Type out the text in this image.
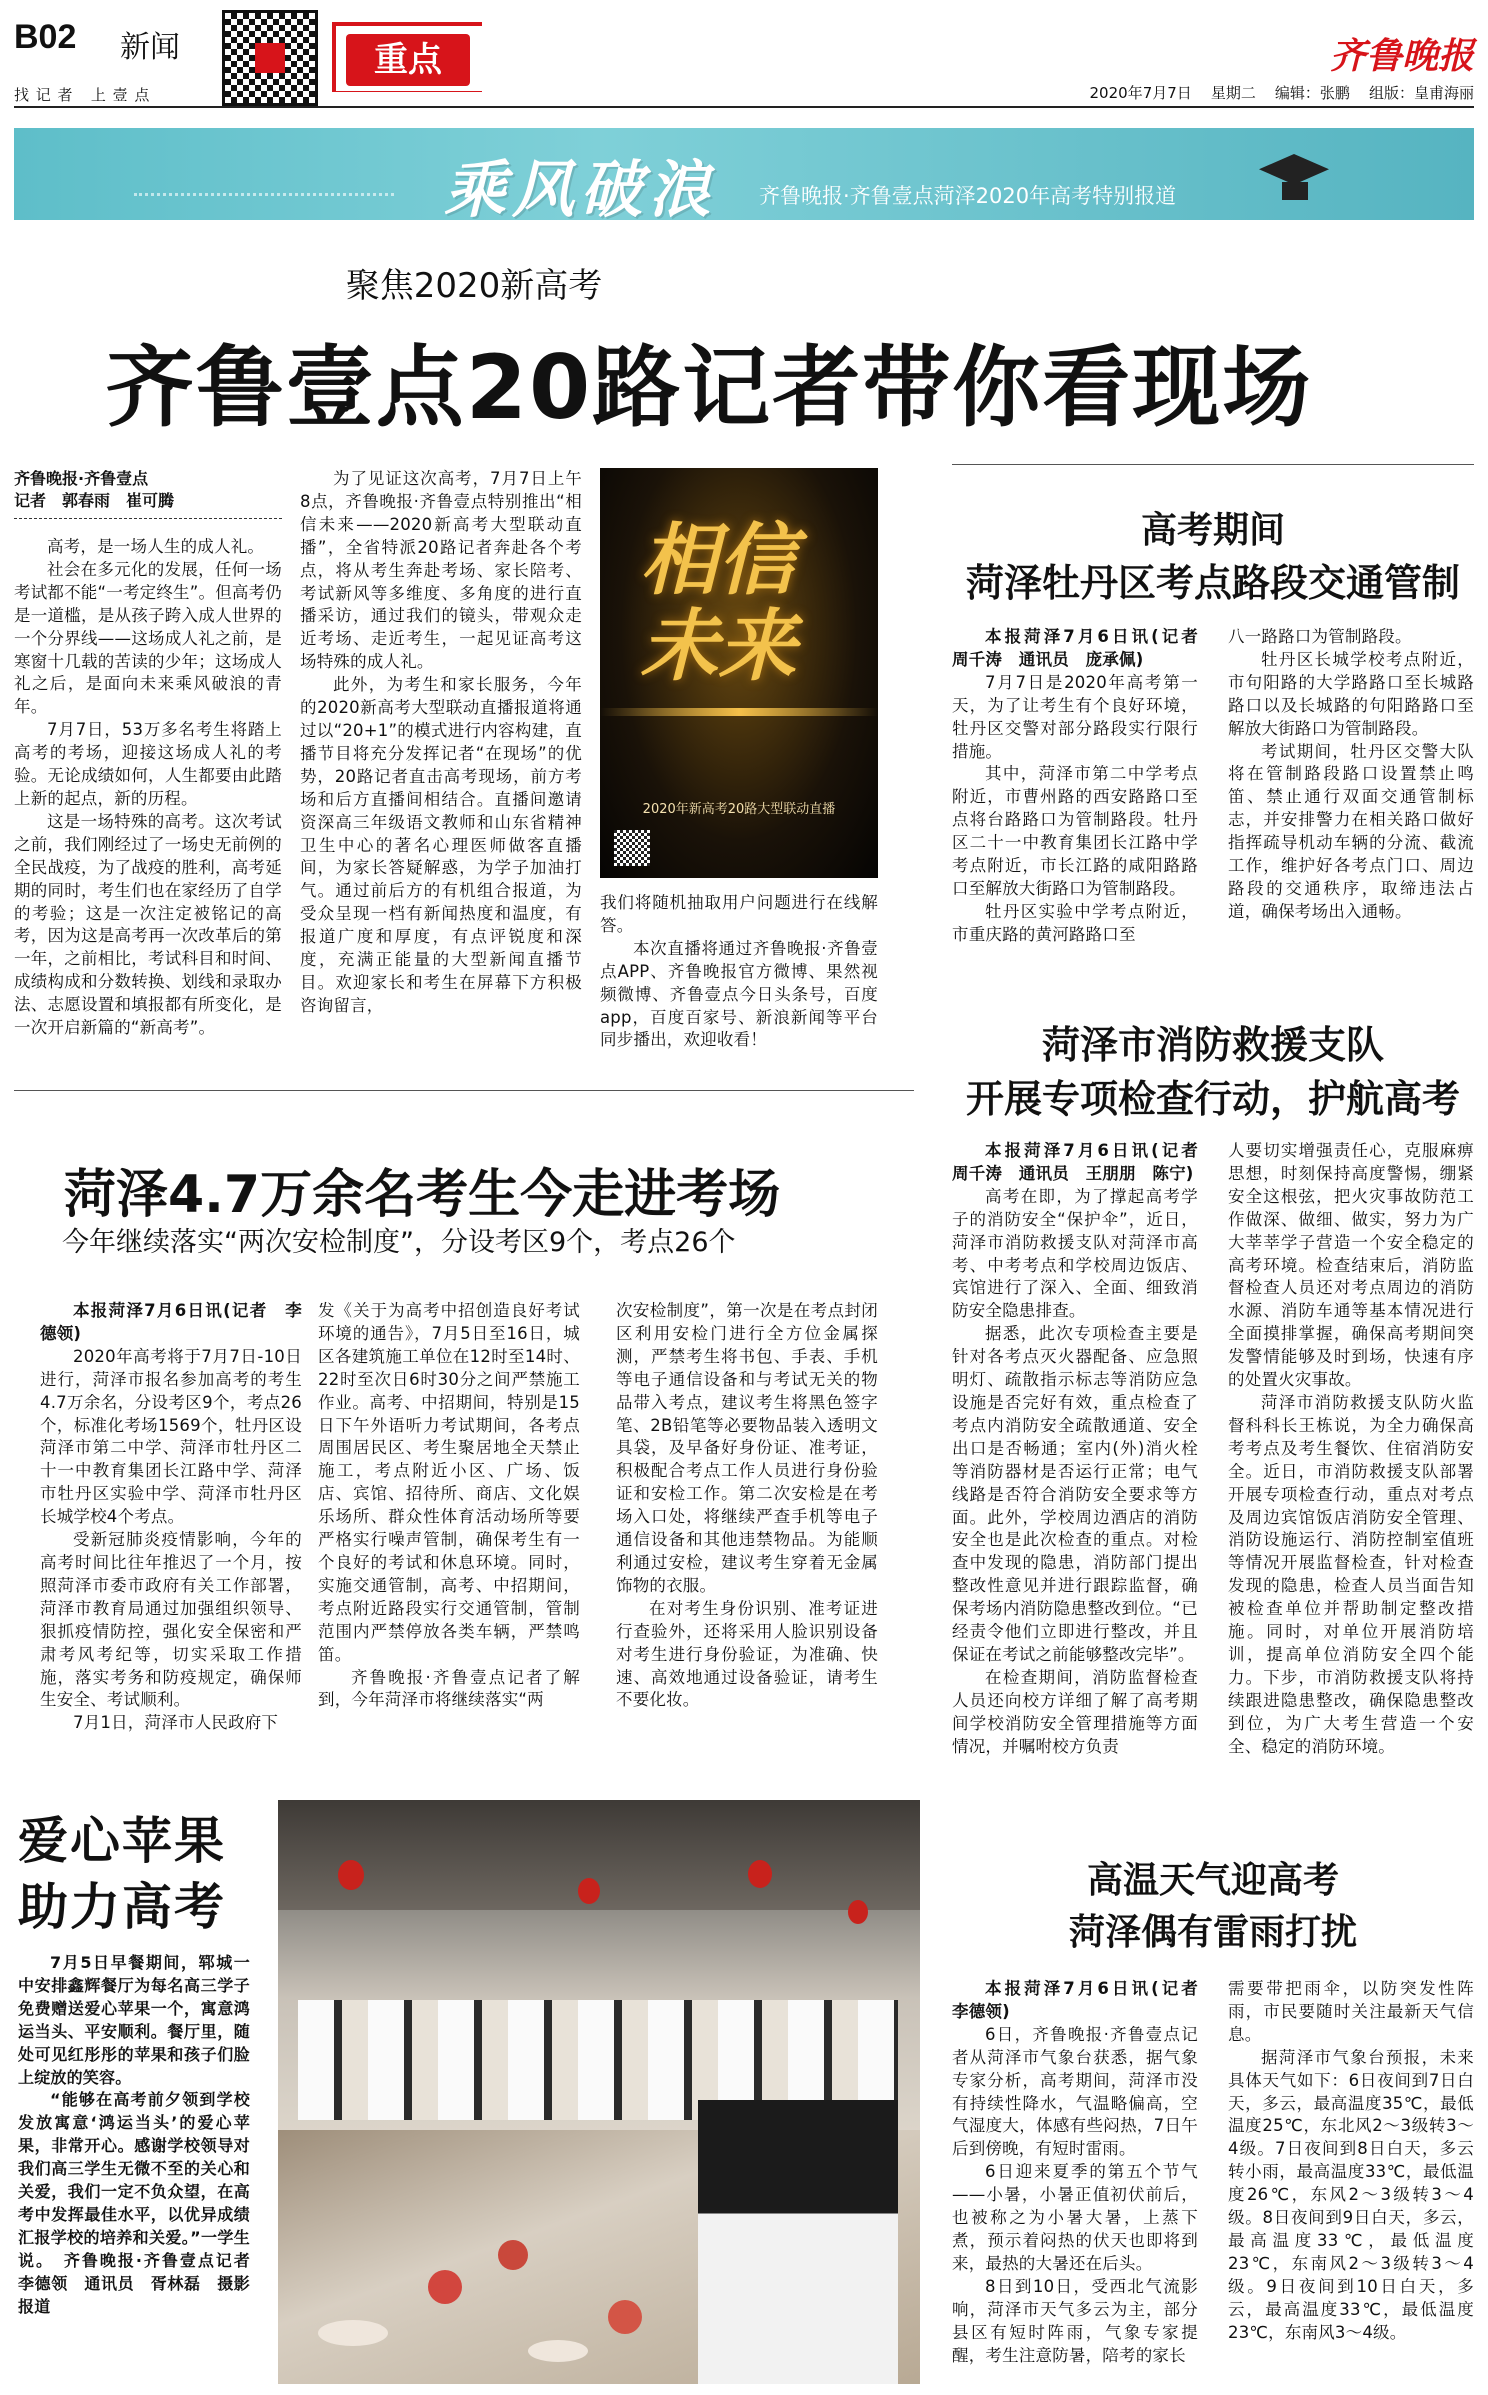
B02 新闻
找 记 者   上 壹 点
重点	齐鲁晚报
2020年7月7日    星期二    编辑：张鹏    组版：皇甫海丽
乘风破浪 齐鲁晚报·齐鲁壹点菏泽2020年高考特别报道
聚焦2020新高考
齐鲁壹点20路记者带你看现场
齐鲁晚报·齐鲁壹点
记者　郭春雨　崔可腾

高考，是一场人生的成人礼。

社会在多元化的发展，任何一场考试都不能“一考定终生”。但高考仍是一道槛，是从孩子跨入成人世界的一个分界线——这场成人礼之前，是寒窗十几载的苦读的少年；这场成人礼之后，是面向未来乘风破浪的青年。

7月7日，53万多名考生将踏上高考的考场，迎接这场成人礼的考验。无论成绩如何，人生都要由此踏上新的起点，新的历程。

这是一场特殊的高考。这次考试之前，我们刚经过了一场史无前例的全民战疫，为了战疫的胜利，高考延期的同时，考生们也在家经历了自学的考验；这是一次注定被铭记的高考，因为这是高考再一次改革后的第一年，之前相比，考试科目和时间、成绩构成和分数转换、划线和录取办法、志愿设置和填报都有所变化，是一次开启新篇的“新高考”。

为了见证这次高考，7月7日上午8点，齐鲁晚报·齐鲁壹点特别推出“相信未来——2020新高考大型联动直播”，全省特派20路记者奔赴各个考点，将从考生奔赴考场、家长陪考、考试新风等多维度、多角度的进行直播采访，通过我们的镜头，带观众走近考场、走近考生，一起见证高考这场特殊的成人礼。

此外，为考生和家长服务，今年的2020新高考大型联动直播报道将通过以“20+1”的模式进行内容构建，直播节目将充分发挥记者“在现场”的优势，20路记者直击高考现场，前方考场和后方直播间相结合。直播间邀请资深高三年级语文教师和山东省精神卫生中心的著名心理医师做客直播间，为家长答疑解惑，为学子加油打气。通过前后方的有机组合报道，为受众呈现一档有新闻热度和温度，有报道广度和厚度，有点评锐度和深度，充满正能量的大型新闻直播节目。欢迎家长和考生在屏幕下方积极咨询留言，

相信未来
2020年新高考20路大型联动直播

我们将随机抽取用户问题进行在线解答。

本次直播将通过齐鲁晚报·齐鲁壹点APP、齐鲁晚报官方微博、果然视频微博、齐鲁壹点今日头条号，百度app，百度百家号、新浪新闻等平台同步播出，欢迎收看！

高考期间
菏泽牡丹区考点路段交通管制

本报菏泽7月6日讯(记者　周千涛　通讯员　庞承佩)

7月7日是2020年高考第一天，为了让考生有个良好环境，牡丹区交警对部分路段实行限行措施。

其中，菏泽市第二中学考点附近，市曹州路的西安路路口至点将台路路口为管制路段。牡丹区二十一中教育集团长江路中学考点附近，市长江路的咸阳路路口至解放大街路口为管制路段。

牡丹区实验中学考点附近，市重庆路的黄河路路口至

八一路路口为管制路段。

牡丹区长城学校考点附近，市句阳路的大学路路口至长城路路口以及长城路的句阳路路口至解放大街路口为管制路段。

考试期间，牡丹区交警大队将在管制路段路口设置禁止鸣笛、禁止通行双面交通管制标志，并安排警力在相关路口做好指挥疏导机动车辆的分流、截流工作，维护好各考点门口、周边路段的交通秩序，取缔违法占道，确保考场出入通畅。

菏泽市消防救援支队
开展专项检查行动，护航高考

本报菏泽7月6日讯(记者　周千涛　通讯员　王朋朋　陈宁)

高考在即，为了撑起高考学子的消防安全“保护伞”，近日，菏泽市消防救援支队对菏泽市高考、中考考点和学校周边饭店、宾馆进行了深入、全面、细致消防安全隐患排查。

据悉，此次专项检查主要是针对各考点灭火器配备、应急照明灯、疏散指示标志等消防应急设施是否完好有效，重点检查了考点内消防安全疏散通道、安全出口是否畅通；室内(外)消火栓等消防器材是否运行正常；电气线路是否符合消防安全要求等方面。此外，学校周边酒店的消防安全也是此次检查的重点。对检查中发现的隐患，消防部门提出整改性意见并进行跟踪监督，确保考场内消防隐患整改到位。“已经责令他们立即进行整改，并且保证在考试之前能够整改完毕”。

在检查期间，消防监督检查人员还向校方详细了解了高考期间学校消防安全管理措施等方面情况，并嘱咐校方负责

人要切实增强责任心，克服麻痹思想，时刻保持高度警惕，绷紧安全这根弦，把火灾事故防范工作做深、做细、做实，努力为广大莘莘学子营造一个安全稳定的高考环境。检查结束后，消防监督检查人员还对考点周边的消防水源、消防车通等基本情况进行全面摸排掌握，确保高考期间突发警情能够及时到场，快速有序的处置火灾事故。

菏泽市消防救援支队防火监督科科长王栋说，为全力确保高考考点及考生餐饮、住宿消防安全。近日，市消防救援支队部署开展专项检查行动，重点对考点及周边宾馆饭店消防安全管理、消防设施运行、消防控制室值班等情况开展监督检查，针对检查发现的隐患，检查人员当面告知被检查单位并帮助制定整改措施。同时，对单位开展消防培训，提高单位消防安全四个能力。下步，市消防救援支队将持续跟进隐患整改，确保隐患整改到位，为广大考生营造一个安全、稳定的消防环境。

高温天气迎高考
菏泽偶有雷雨打扰

本报菏泽7月6日讯(记者　李德领)

6日，齐鲁晚报·齐鲁壹点记者从菏泽市气象台获悉，据气象专家分析，高考期间，菏泽市没有持续性降水，气温略偏高，空气湿度大，体感有些闷热，7日午后到傍晚，有短时雷雨。

6日迎来夏季的第五个节气——小暑，小暑正值初伏前后，也被称之为小暑大暑，上蒸下煮，预示着闷热的伏天也即将到来，最热的大暑还在后头。

8日到10日，受西北气流影响，菏泽市天气多云为主，部分县区有短时阵雨，气象专家提醒，考生注意防暑，陪考的家长

需要带把雨伞，以防突发性阵雨，市民要随时关注最新天气信息。

据菏泽市气象台预报，未来具体天气如下：6日夜间到7日白天，多云，最高温度35℃，最低温度25℃，东北风2～3级转3～4级。7日夜间到8日白天，多云转小雨，最高温度33℃，最低温度26℃，东风2～3级转3～4级。8日夜间到9日白天，多云，最高温度33℃，最低温度23℃，东南风2～3级转3～4级。9日夜间到10日白天，多云，最高温度33℃，最低温度23℃，东南风3～4级。

菏泽4.7万余名考生今走进考场
今年继续落实“两次安检制度”，分设考区9个，考点26个

本报菏泽7月6日讯(记者　李德领)

2020年高考将于7月7日-10日进行，菏泽市报名参加高考的考生4.7万余名，分设考区9个，考点26个，标准化考场1569个，牡丹区设菏泽市第二中学、菏泽市牡丹区二十一中教育集团长江路中学、菏泽市牡丹区实验中学、菏泽市牡丹区长城学校4个考点。

受新冠肺炎疫情影响，今年的高考时间比往年推迟了一个月，按照菏泽市委市政府有关工作部署，菏泽市教育局通过加强组织领导、狠抓疫情防控，强化安全保密和严肃考风考纪等，切实采取工作措施，落实考务和防疫规定，确保师生安全、考试顺利。

7月1日，菏泽市人民政府下

发《关于为高考中招创造良好考试环境的通告》，7月5日至16日，城区各建筑施工单位在12时至14时、22时至次日6时30分之间严禁施工作业。高考、中招期间，特别是15日下午外语听力考试期间，各考点周围居民区、考生聚居地全天禁止施工，考点附近小区、广场、饭店、宾馆、招待所、商店、文化娱乐场所、群众性体育活动场所等要严格实行噪声管制，确保考生有一个良好的考试和休息环境。同时，实施交通管制，高考、中招期间，考点附近路段实行交通管制，管制范围内严禁停放各类车辆，严禁鸣笛。

齐鲁晚报·齐鲁壹点记者了解到，今年菏泽市将继续落实“两

次安检制度”，第一次是在考点封闭区利用安检门进行全方位金属探测，严禁考生将书包、手表、手机等电子通信设备和与考试无关的物品带入考点，建议考生将黑色签字笔、2B铅笔等必要物品装入透明文具袋，及早备好身份证、准考证，积极配合考点工作人员进行身份验证和安检工作。第二次安检是在考场入口处，将继续严查手机等电子通信设备和其他违禁物品。为能顺利通过安检，建议考生穿着无金属饰物的衣服。

在对考生身份识别、准考证进行查验外，还将采用人脸识别设备对考生进行身份验证，为准确、快速、高效地通过设备验证，请考生不要化妆。

爱心苹果
助力高考

7月5日早餐期间，郓城一中安排鑫辉餐厅为每名高三学子免费赠送爱心苹果一个，寓意鸿运当头、平安顺利。餐厅里，随处可见红彤彤的苹果和孩子们脸上绽放的笑容。

“能够在高考前夕领到学校发放寓意‘鸿运当头’的爱心苹果，非常开心。感谢学校领导对我们高三学生无微不至的关心和关爱，我们一定不负众望，在高考中发挥最佳水平，以优异成绩汇报学校的培养和关爱。”一学生说。　齐鲁晚报·齐鲁壹点记者　李德领　通讯员　胥林磊　摄影报道
